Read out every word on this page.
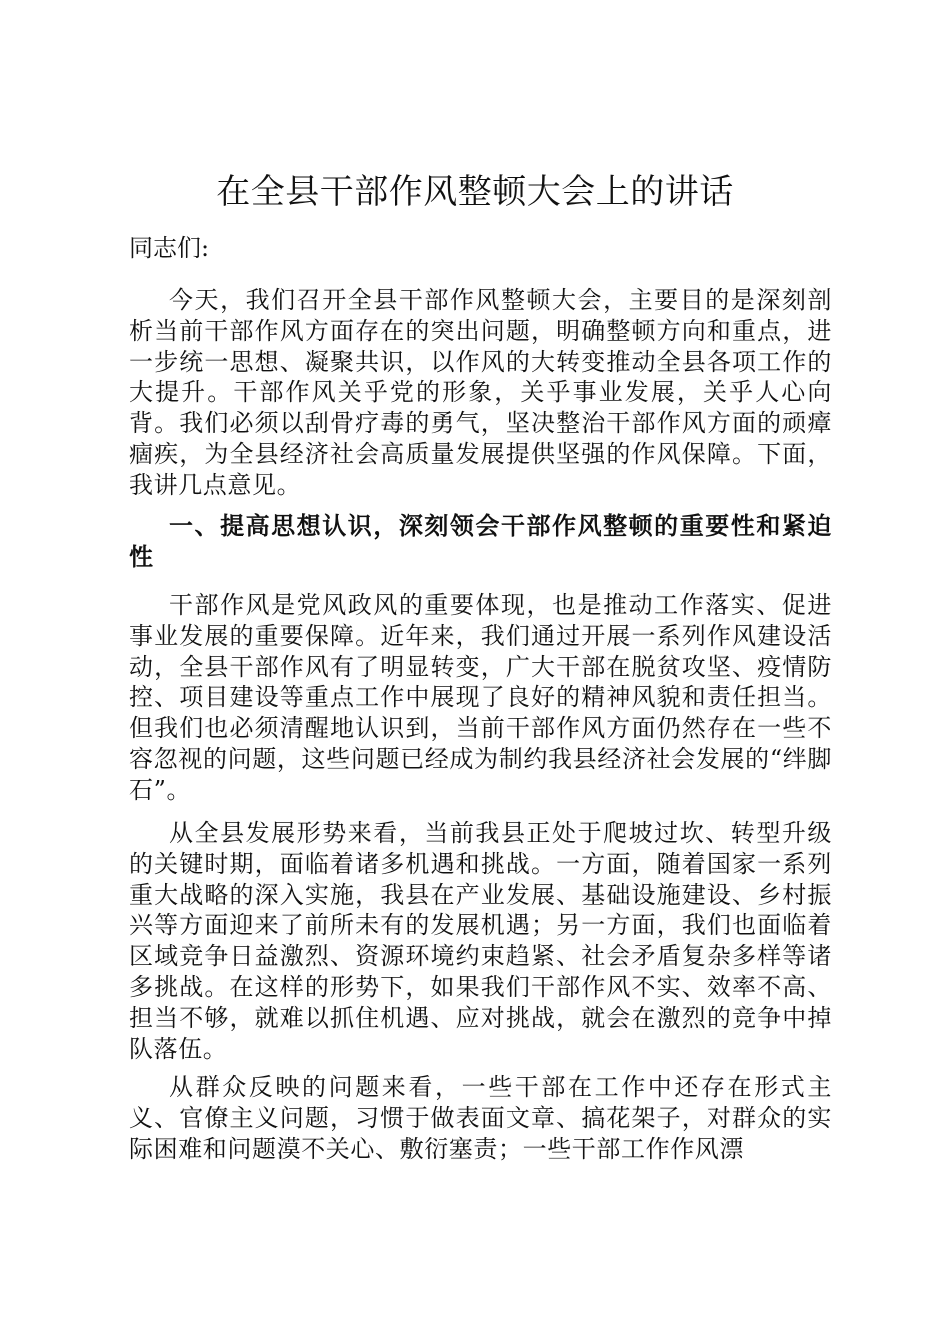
在全县干部作风整顿大会上的讲话

同志们:

今天，我们召开全县干部作风整顿大会，主要目的是深刻剖析当前干部作风方面存在的突出问题，明确整顿方向和重点，进一步统一思想、凝聚共识，以作风的大转变推动全县各项工作的大提升。干部作风关乎党的形象，关乎事业发展，关乎人心向背。我们必须以刮骨疗毒的勇气，坚决整治干部作风方面的顽瘴痼疾，为全县经济社会高质量发展提供坚强的作风保障。下面，我讲几点意见。

一、提高思想认识，深刻领会干部作风整顿的重要性和紧迫性

干部作风是党风政风的重要体现，也是推动工作落实、促进事业发展的重要保障。近年来，我们通过开展一系列作风建设活动，全县干部作风有了明显转变，广大干部在脱贫攻坚、疫情防控、项目建设等重点工作中展现了良好的精神风貌和责任担当。但我们也必须清醒地认识到，当前干部作风方面仍然存在一些不容忽视的问题，这些问题已经成为制约我县经济社会发展的“绊脚石”。

从全县发展形势来看，当前我县正处于爬坡过坎、转型升级的关键时期，面临着诸多机遇和挑战。一方面，随着国家一系列重大战略的深入实施，我县在产业发展、基础设施建设、乡村振兴等方面迎来了前所未有的发展机遇；另一方面，我们也面临着区域竞争日益激烈、资源环境约束趋紧、社会矛盾复杂多样等诸多挑战。在这样的形势下，如果我们干部作风不实、效率不高、担当不够，就难以抓住机遇、应对挑战，就会在激烈的竞争中掉队落伍。

从群众反映的问题来看，一些干部在工作中还存在形式主义、官僚主义问题，习惯于做表面文章、搞花架子，对群众的实际困难和问题漠不关心、敷衍塞责；一些干部工作作风漂
